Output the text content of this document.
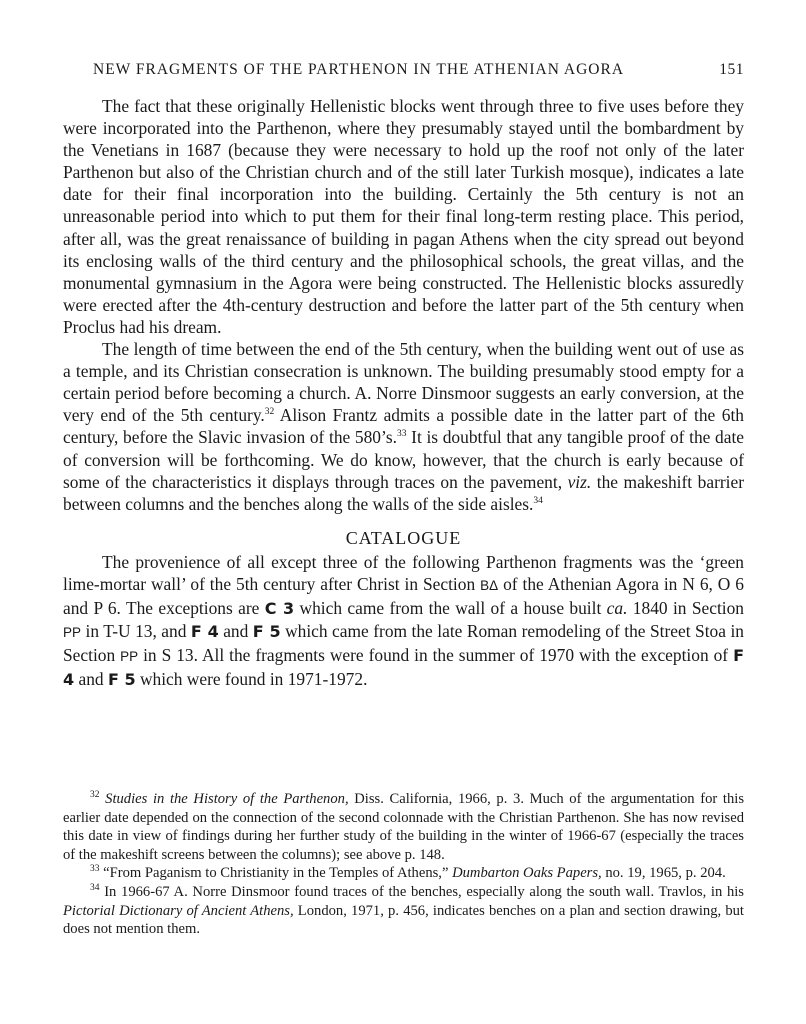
NEW FRAGMENTS OF THE PARTHENON IN THE ATHENIAN AGORA	151

The fact that these originally Hellenistic blocks went through three to five uses before they were incorporated into the Parthenon, where they presumably stayed until the bombardment by the Venetians in 1687 (because they were necessary to hold up the roof not only of the later Parthenon but also of the Christian church and of the still later Turkish mosque), indicates a late date for their final incorporation into the building. Certainly the 5th century is not an unreasonable period into which to put them for their final long-term resting place. This period, after all, was the great renaissance of building in pagan Athens when the city spread out beyond its enclosing walls of the third century and the philosophical schools, the great villas, and the monumental gymnasium in the Agora were being constructed. The Hellenistic blocks assuredly were erected after the 4th-century destruction and before the latter part of the 5th century when Proclus had his dream.

The length of time between the end of the 5th century, when the building went out of use as a temple, and its Christian consecration is unknown. The building presumably stood empty for a certain period before becoming a church. A. Norre Dinsmoor suggests an early conversion, at the very end of the 5th century.$^{32}$ Alison Frantz admits a possible date in the latter part of the 6th century, before the Slavic invasion of the 580’s.$^{33}$ It is doubtful that any tangible proof of the date of conversion will be forthcoming. We do know, however, that the church is early because of some of the characteristics it displays through traces on the pavement, viz. the makeshift barrier between columns and the benches along the walls of the side aisles.$^{34}$

CATALOGUE

The provenience of all except three of the following Parthenon fragments was the ‘green lime-mortar wall’ of the 5th century after Christ in Section BΔ of the Athenian Agora in N 6, O 6 and P 6. The exceptions are C 3 which came from the wall of a house built ca. 1840 in Section PP in T-U 13, and F 4 and F 5 which came from the late Roman remodeling of the Street Stoa in Section PP in S 13. All the fragments were found in the summer of 1970 with the exception of F 4 and F 5 which were found in 1971-1972.

$^{32}$ Studies in the History of the Parthenon, Diss. California, 1966, p. 3. Much of the argumentation for this earlier date depended on the connection of the second colonnade with the Christian Parthenon. She has now revised this date in view of findings during her further study of the building in the winter of 1966-67 (especially the traces of the makeshift screens between the columns); see above p. 148.

$^{33}$ “From Paganism to Christianity in the Temples of Athens,” Dumbarton Oaks Papers, no. 19, 1965, p. 204.

$^{34}$ In 1966-67 A. Norre Dinsmoor found traces of the benches, especially along the south wall. Travlos, in his Pictorial Dictionary of Ancient Athens, London, 1971, p. 456, indicates benches on a plan and section drawing, but does not mention them.
